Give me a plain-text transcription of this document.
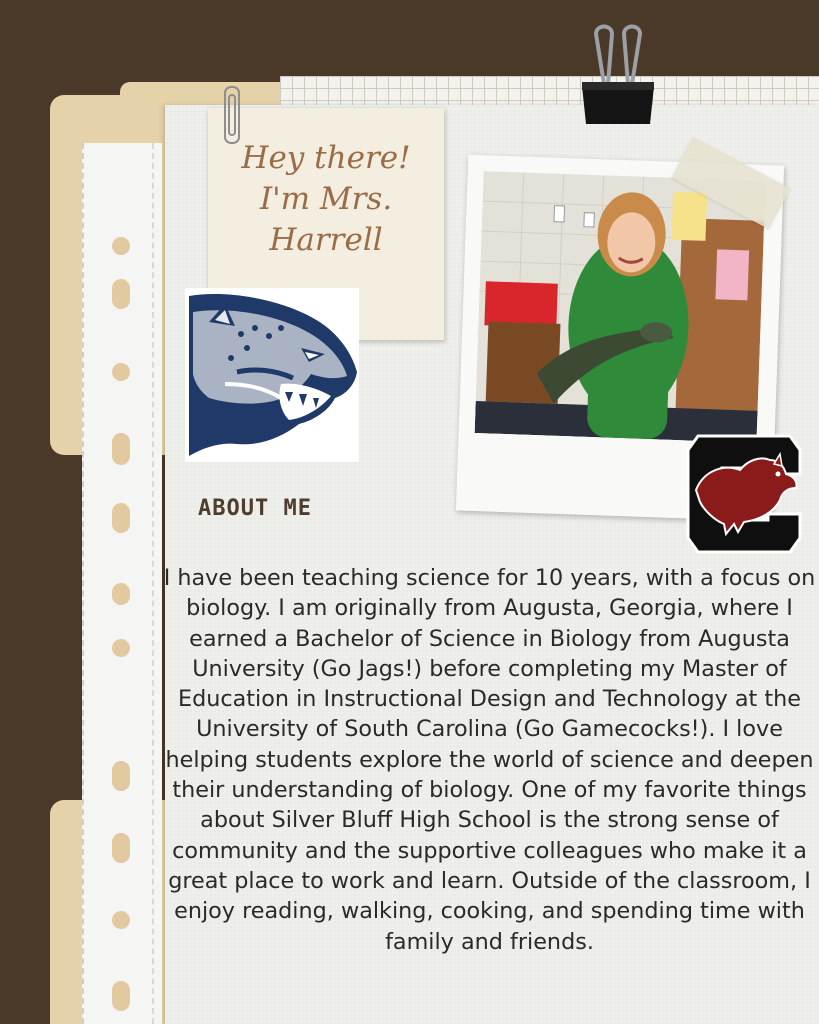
Hey there!
I'm Mrs.
Harrell
ABOUT ME

I have been teaching science for 10 years, with a focus on biology. I am originally from Augusta, Georgia, where I earned a Bachelor of Science in Biology from Augusta University (Go Jags!) before completing my Master of Education in Instructional Design and Technology at the University of South Carolina (Go Gamecocks!). I love helping students explore the world of science and deepen their understanding of biology. One of my favorite things about Silver Bluff High School is the strong sense of community and the supportive colleagues who make it a great place to work and learn. Outside of the classroom, I enjoy reading, walking, cooking, and spending time with family and friends.
